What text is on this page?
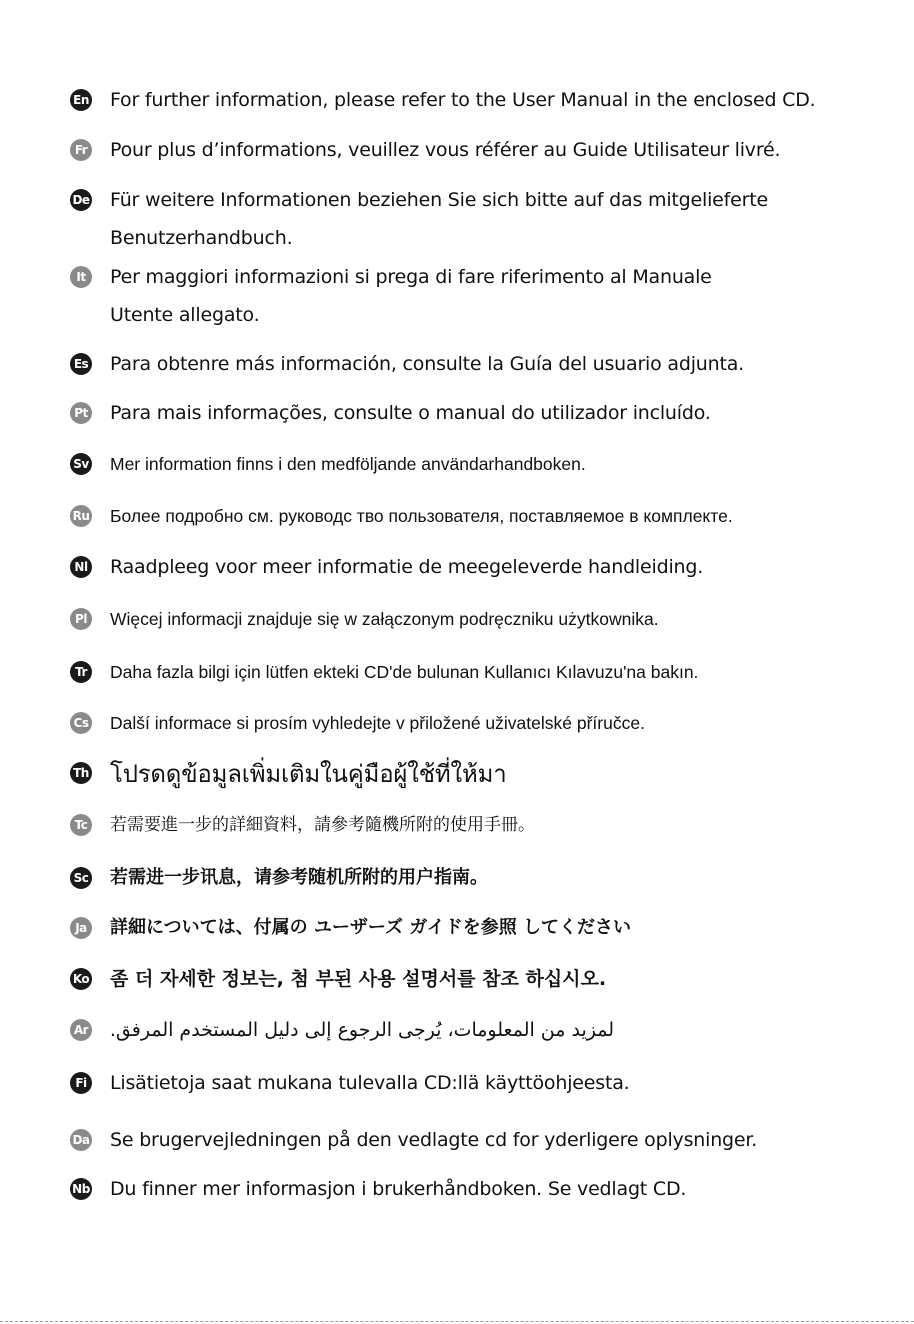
En For further information, please refer to the User Manual in the enclosed CD.
Fr Pour plus d’informations, veuillez vous référer au Guide Utilisateur livré.
De Für weitere Informationen beziehen Sie sich bitte auf das mitgelieferte Benutzerhandbuch.
It	Per maggiori informazioni si prega di fare riferimento al Manuale Utente allegato.
Es Para obtenre más información, consulte la Guía del usuario adjunta.
Pt Para mais informações, consulte o manual do utilizador incluído.
Sv Mer information finns i den medföljande användarhandboken.
Ru Более подробно см. руководс тво пользователя, поставляемое в комплекте.
Nl Raadpleeg voor meer informatie de meegeleverde handleiding.
Pl Więcej informacji znajduje się w załączonym podręczniku użytkownika.
Tr Daha fazla bilgi için lütfen ekteki CD'de bulunan Kullanıcı Kılavuzu'na bakın.
Cs Další informace si prosím vyhledejte v přiložené uživatelské příručce.
Th โปรดดูข้อมูลเพิ่มเติมในคู่มือผู้ใช้ที่ให้มา
Tc 若需要進一步的詳細資料，請參考隨機所附的使用手冊。
Sc 若需进一步讯息，请参考随机所附的用户指南。
Ja 詳細については、付属の ユーザーズ ガイドを参照 してください
Ko 좀 더 자세한 정보는, 첨 부된 사용 설명서를 참조 하십시오.
Ar لمزيد من المعلومات، يُرجى الرجوع إلى دليل المستخدم المرفق.
Fi Lisätietoja saat mukana tulevalla CD:llä käyttöohjeesta.
Da Se brugervejledningen på den vedlagte cd for yderligere oplysninger.
Nb Du finner mer informasjon i brukerhåndboken. Se vedlagt CD.
